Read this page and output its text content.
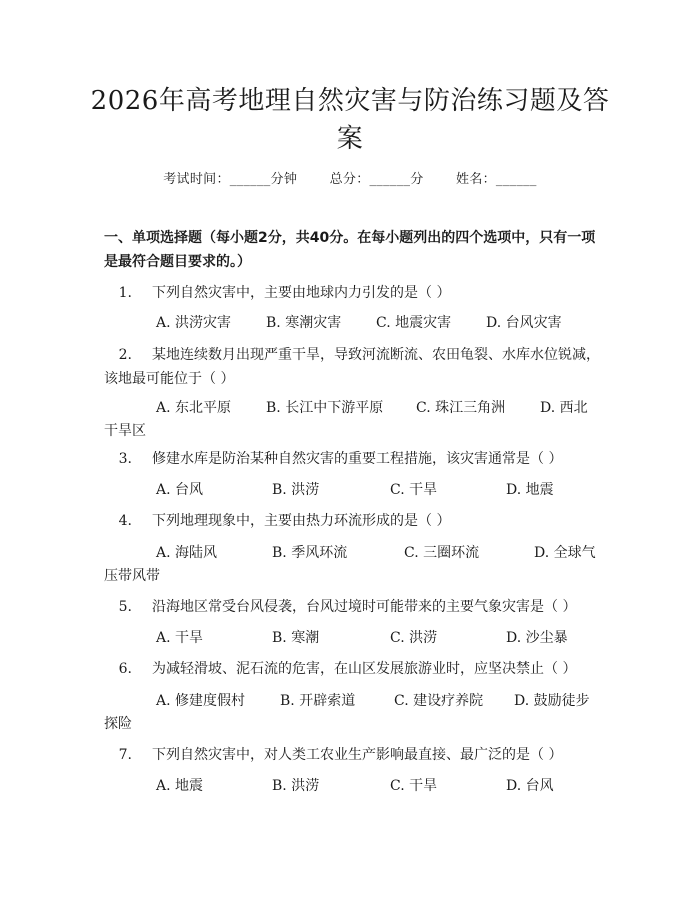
2026年高考地理自然灾害与防治练习题及答案
考试时间：______分钟 总分：______分 姓名：______
一、单项选择题（每小题2分，共40分。在每小题列出的四个选项中，只有一项是最符合题目要求的。）
1. 下列自然灾害中，主要由地球内力引发的是（ ）
A. 洪涝灾害 B. 寒潮灾害 C. 地震灾害 D. 台风灾害
2. 某地连续数月出现严重干旱，导致河流断流、农田龟裂、水库水位锐减，该地最可能位于（ ）
A. 东北平原 B. 长江中下游平原 C. 珠江三角洲 D. 西北
干旱区
3. 修建水库是防治某种自然灾害的重要工程措施，该灾害通常是（ ）
A. 台风	B. 洪涝	C. 干旱	D. 地震
4. 下列地理现象中，主要由热力环流形成的是（ ）
A. 海陆风	B. 季风环流	C. 三圈环流	D. 全球气
压带风带
5. 沿海地区常受台风侵袭，台风过境时可能带来的主要气象灾害是（ ）
A. 干旱	B. 寒潮	C. 洪涝	D. 沙尘暴
6. 为减轻滑坡、泥石流的危害，在山区发展旅游业时，应坚决禁止（ ）
A. 修建度假村 B. 开辟索道	C. 建设疗养院 D. 鼓励徒步
探险
7. 下列自然灾害中，对人类工农业生产影响最直接、最广泛的是（ ）
A. 地震	B. 洪涝	C. 干旱	D. 台风
